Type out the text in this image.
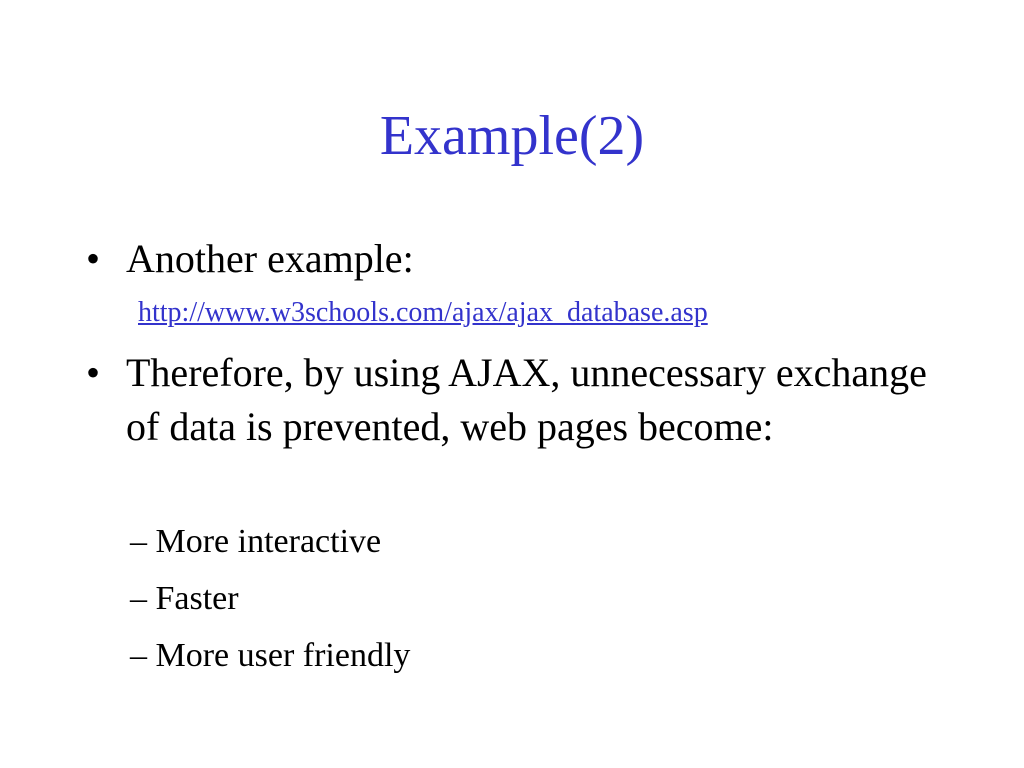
Example(2)
• Another example:
http://www.w3schools.com/ajax/ajax_database.asp
• Therefore, by using AJAX, unnecessary exchange of data is prevented, web pages become:
– More interactive
– Faster
– More user friendly
